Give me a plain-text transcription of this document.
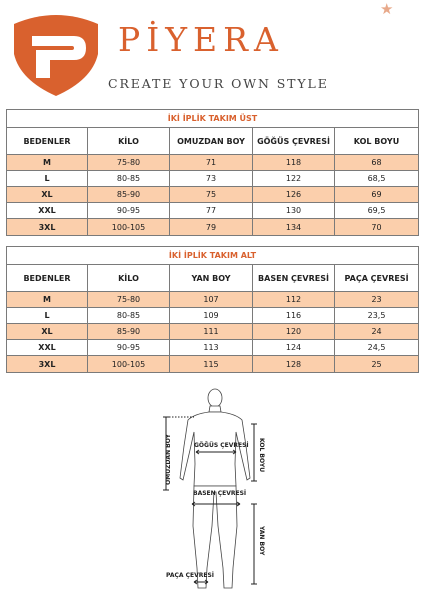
PİYERA
★
CREATE YOUR OWN STYLE
İKİ İPLİK TAKIM ÜST				
BEDENLER	KİLO	OMUZDAN BOY	GÖĞÜS ÇEVRESİ	KOL BOYU
M	75-80	71	118	68
L	80-85	73	122	68,5
XL	85-90	75	126	69
XXL	90-95	77	130	69,5
3XL	100-105	79	134	70
İKİ İPLİK TAKIM ALT				
BEDENLER	KİLO	YAN BOY	BASEN ÇEVRESİ	PAÇA ÇEVRESİ
M	75-80	107	112	23
L	80-85	109	116	23,5
XL	85-90	111	120	24
XXL	90-95	113	124	24,5
3XL	100-105	115	128	25
GÖĞÜS ÇEVRESİ
OMUZDAN BOY	KOL BOYU
BASEN ÇEVRESİ
YAN BOY
PAÇA ÇEVRESİ
